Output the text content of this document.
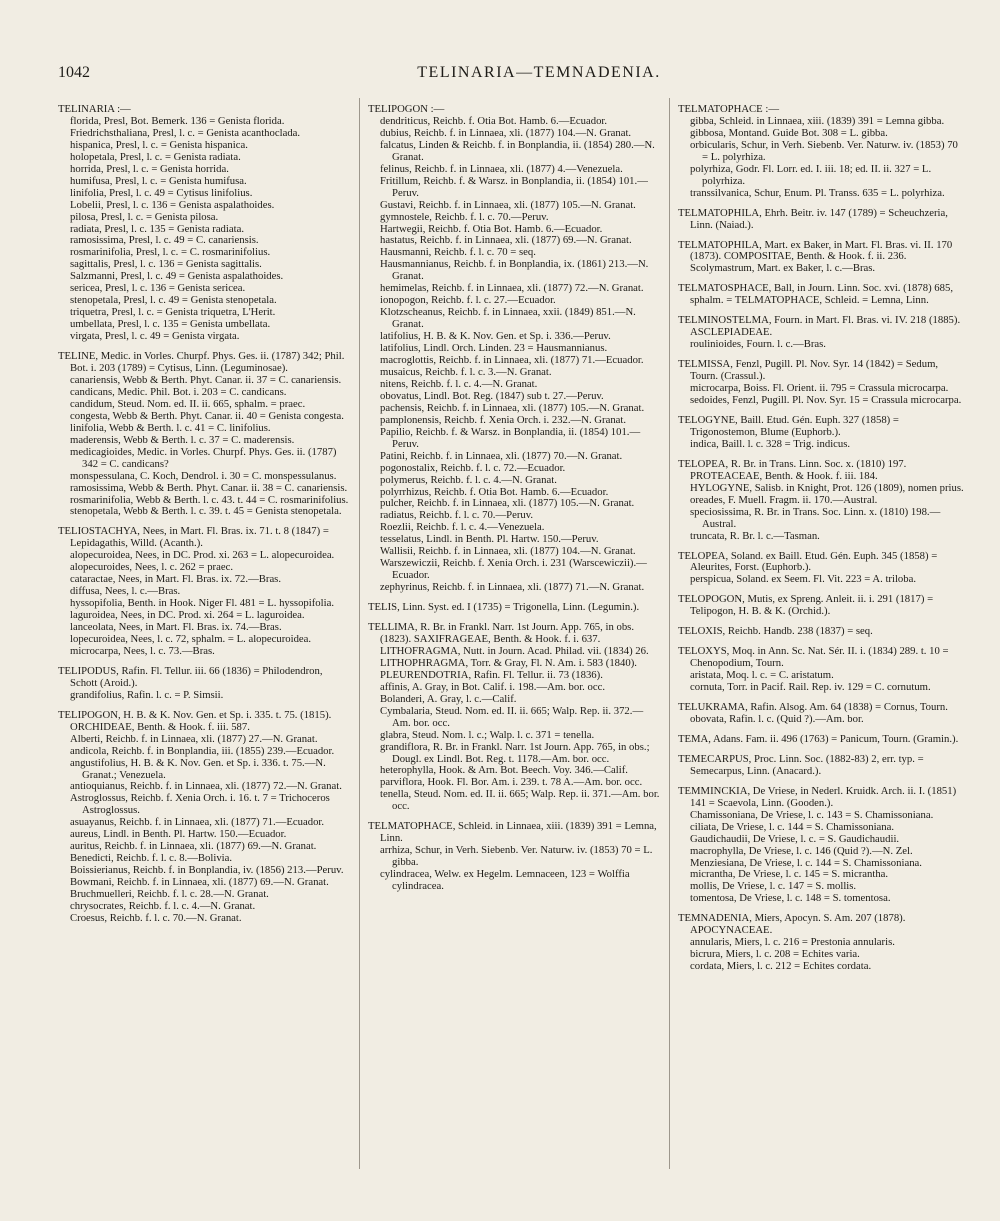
1042	TELINARIA—TEMNADENIA.
TELINARIA :—
florida, Presl, Bot. Bemerk. 136 = Genista florida.
Friedrichsthaliana, Presl, l. c. = Genista acanthoclada.
hispanica, Presl, l. c. = Genista hispanica.
holopetala, Presl, l. c. = Genista radiata.
horrida, Presl, l. c. = Genista horrida.
humifusa, Presl, l. c. = Genista humifusa.
linifolia, Presl, l. c. 49 = Cytisus linifolius.
Lobelii, Presl, l. c. 136 = Genista aspalathoides.
pilosa, Presl, l. c. = Genista pilosa.
radiata, Presl, l. c. 135 = Genista radiata.
ramosissima, Presl, l. c. 49 = C. canariensis.
rosmarinifolia, Presl, l. c. = C. rosmarinifolius.
sagittalis, Presl, l. c. 136 = Genista sagittalis.
Salzmanni, Presl, l. c. 49 = Genista aspalathoides.
sericea, Presl, l. c. 136 = Genista sericea.
stenopetala, Presl, l. c. 49 = Genista stenopetala.
triquetra, Presl, l. c. = Genista triquetra, L'Herit.
umbellata, Presl, l. c. 135 = Genista umbellata.
virgata, Presl, l. c. 49 = Genista virgata.
TELINE, Medic. in Vorles. Churpf. Phys. Ges. ii. (1787) 342; Phil. Bot. i. 203 (1789) = Cytisus, Linn. (Leguminosae).
canariensis, Webb & Berth. Phyt. Canar. ii. 37 = C. canariensis.
candicans, Medic. Phil. Bot. i. 203 = C. candicans.
candidum, Steud. Nom. ed. II. ii. 665, sphalm. = praec.
congesta, Webb & Berth. Phyt. Canar. ii. 40 = Genista congesta.
linifolia, Webb & Berth. l. c. 41 = C. linifolius.
maderensis, Webb & Berth. l. c. 37 = C. maderensis.
medicagioides, Medic. in Vorles. Churpf. Phys. Ges. ii. (1787) 342 = C. candicans?
monspessulana, C. Koch, Dendrol. i. 30 = C. monspessulanus.
ramosissima, Webb & Berth. Phyt. Canar. ii. 38 = C. canariensis.
rosmarinifolia, Webb & Berth. l. c. 43. t. 44 = C. rosmarinifolius.
stenopetala, Webb & Berth. l. c. 39. t. 45 = Genista stenopetala.
TELIOSTACHYA, Nees, in Mart. Fl. Bras. ix. 71. t. 8 (1847) = Lepidagathis, Willd. (Acanth.).
alopecuroidea, Nees, in DC. Prod. xi. 263 = L. alopecuroidea.
alopecuroides, Nees, l. c. 262 = praec.
cataractae, Nees, in Mart. Fl. Bras. ix. 72.—Bras.
diffusa, Nees, l. c.—Bras.
hyssopifolia, Benth. in Hook. Niger Fl. 481 = L. hyssopifolia.
laguroidea, Nees, in DC. Prod. xi. 264 = L. laguroidea.
lanceolata, Nees, in Mart. Fl. Bras. ix. 74.—Bras.
lopecuroidea, Nees, l. c. 72, sphalm. = L. alopecuroidea.
microcarpa, Nees, l. c. 73.—Bras.
TELIPODUS, Rafin. Fl. Tellur. iii. 66 (1836) = Philodendron, Schott (Aroid.).
grandifolius, Rafin. l. c. = P. Simsii.
TELIPOGON, H. B. & K. Nov. Gen. et Sp. i. 335. t. 75. (1815). ORCHIDEAE, Benth. & Hook. f. iii. 587.
Alberti, Reichb. f. in Linnaea, xli. (1877) 27.—N. Granat.
andicola, Reichb. f. in Bonplandia, iii. (1855) 239.—Ecuador.
angustifolius, H. B. & K. Nov. Gen. et Sp. i. 336. t. 75.—N. Granat.; Venezuela.
antioquianus, Reichb. f. in Linnaea, xli. (1877) 72.—N. Granat.
Astroglossus, Reichb. f. Xenia Orch. i. 16. t. 7 = Trichoceros Astroglossus.
asuayanus, Reichb. f. in Linnaea, xli. (1877) 71.—Ecuador.
aureus, Lindl. in Benth. Pl. Hartw. 150.—Ecuador.
auritus, Reichb. f. in Linnaea, xli. (1877) 69.—N. Granat.
Benedicti, Reichb. f. l. c. 8.—Bolivia.
Boissierianus, Reichb. f. in Bonplandia, iv. (1856) 213.—Peruv.
Bowmani, Reichb. f. in Linnaea, xli. (1877) 69.—N. Granat.
Bruchmuelleri, Reichb. f. l. c. 28.—N. Granat.
chrysocrates, Reichb. f. l. c. 4.—N. Granat.
Croesus, Reichb. f. l. c. 70.—N. Granat.
TELIPOGON :—
dendriticus, Reichb. f. Otia Bot. Hamb. 6.—Ecuador.
dubius, Reichb. f. in Linnaea, xli. (1877) 104.—N. Granat.
falcatus, Linden & Reichb. f. in Bonplandia, ii. (1854) 280.—N. Granat.
felinus, Reichb. f. in Linnaea, xli. (1877) 4.—Venezuela.
Fritillum, Reichb. f. & Warsz. in Bonplandia, ii. (1854) 101.—Peruv.
Gustavi, Reichb. f. in Linnaea, xli. (1877) 105.—N. Granat.
gymnostele, Reichb. f. l. c. 70.—Peruv.
Hartwegii, Reichb. f. Otia Bot. Hamb. 6.—Ecuador.
hastatus, Reichb. f. in Linnaea, xli. (1877) 69.—N. Granat.
Hausmanni, Reichb. f. l. c. 70 = seq.
Hausmannianus, Reichb. f. in Bonplandia, ix. (1861) 213.—N. Granat.
hemimelas, Reichb. f. in Linnaea, xli. (1877) 72.—N. Granat.
ionopogon, Reichb. f. l. c. 27.—Ecuador.
Klotzscheanus, Reichb. f. in Linnaea, xxii. (1849) 851.—N. Granat.
latifolius, H. B. & K. Nov. Gen. et Sp. i. 336.—Peruv.
latifolius, Lindl. Orch. Linden. 23 = Hausmannianus.
macroglottis, Reichb. f. in Linnaea, xli. (1877) 71.—Ecuador.
musaicus, Reichb. f. l. c. 3.—N. Granat.
nitens, Reichb. f. l. c. 4.—N. Granat.
obovatus, Lindl. Bot. Reg. (1847) sub t. 27.—Peruv.
pachensis, Reichb. f. in Linnaea, xli. (1877) 105.—N. Granat.
pamplonensis, Reichb. f. Xenia Orch. i. 232.—N. Granat.
Papilio, Reichb. f. & Warsz. in Bonplandia, ii. (1854) 101.—Peruv.
Patini, Reichb. f. in Linnaea, xli. (1877) 70.—N. Granat.
pogonostalix, Reichb. f. l. c. 72.—Ecuador.
polymerus, Reichb. f. l. c. 4.—N. Granat.
polyrrhizus, Reichb. f. Otia Bot. Hamb. 6.—Ecuador.
pulcher, Reichb. f. in Linnaea, xli. (1877) 105.—N. Granat.
radiatus, Reichb. f. l. c. 70.—Peruv.
Roezlii, Reichb. f. l. c. 4.—Venezuela.
tesselatus, Lindl. in Benth. Pl. Hartw. 150.—Peruv.
Wallisii, Reichb. f. in Linnaea, xli. (1877) 104.—N. Granat.
Warszewiczii, Reichb. f. Xenia Orch. i. 231 (Warscewiczii).—Ecuador.
zephyrinus, Reichb. f. in Linnaea, xli. (1877) 71.—N. Granat.
TELIS, Linn. Syst. ed. I (1735) = Trigonella, Linn. (Legumin.).
TELLIMA, R. Br. in Frankl. Narr. 1st Journ. App. 765, in obs. (1823). SAXIFRAGEAE, Benth. & Hook. f. i. 637.
LITHOFRAGMA, Nutt. in Journ. Acad. Philad. vii. (1834) 26.
LITHOPHRAGMA, Torr. & Gray, Fl. N. Am. i. 583 (1840).
PLEURENDOTRIA, Rafin. Fl. Tellur. ii. 73 (1836).
affinis, A. Gray, in Bot. Calif. i. 198.—Am. bor. occ.
Bolanderi, A. Gray, l. c.—Calif.
Cymbalaria, Steud. Nom. ed. II. ii. 665; Walp. Rep. ii. 372.—Am. bor. occ.
glabra, Steud. Nom. l. c.; Walp. l. c. 371 = tenella.
grandiflora, R. Br. in Frankl. Narr. 1st Journ. App. 765, in obs.; Dougl. ex Lindl. Bot. Reg. t. 1178.—Am. bor. occ.
heterophylla, Hook. & Arn. Bot. Beech. Voy. 346.—Calif.
parviflora, Hook. Fl. Bor. Am. i. 239. t. 78 A.—Am. bor. occ.
tenella, Steud. Nom. ed. II. ii. 665; Walp. Rep. ii. 371.—Am. bor. occ.
TELMATOPHACE, Schleid. in Linnaea, xiii. (1839) 391 = Lemna, Linn.
arrhiza, Schur, in Verh. Siebenb. Ver. Naturw. iv. (1853) 70 = L. gibba.
cylindracea, Welw. ex Hegelm. Lemnaceen, 123 = Wolffia cylindracea.
TELMATOPHACE :—
gibba, Schleid. in Linnaea, xiii. (1839) 391 = Lemna gibba.
gibbosa, Montand. Guide Bot. 308 = L. gibba.
orbicularis, Schur, in Verh. Siebenb. Ver. Naturw. iv. (1853) 70 = L. polyrhiza.
polyrhiza, Godr. Fl. Lorr. ed. I. iii. 18; ed. II. ii. 327 = L. polyrhiza.
transsilvanica, Schur, Enum. Pl. Transs. 635 = L. polyrhiza.
TELMATOPHILA, Ehrh. Beitr. iv. 147 (1789) = Scheuchzeria, Linn. (Naiad.).
TELMATOPHILA, Mart. ex Baker, in Mart. Fl. Bras. vi. II. 170 (1873). COMPOSITAE, Benth. & Hook. f. ii. 236.
Scolymastrum, Mart. ex Baker, l. c.—Bras.
TELMATOSPHACE, Ball, in Journ. Linn. Soc. xvi. (1878) 685, sphalm. = TELMATOPHACE, Schleid. = Lemna, Linn.
TELMINOSTELMA, Fourn. in Mart. Fl. Bras. vi. IV. 218 (1885). ASCLEPIADEAE.
roulinioides, Fourn. l. c.—Bras.
TELMISSA, Fenzl, Pugill. Pl. Nov. Syr. 14 (1842) = Sedum, Tourn. (Crassul.).
microcarpa, Boiss. Fl. Orient. ii. 795 = Crassula microcarpa.
sedoides, Fenzl, Pugill. Pl. Nov. Syr. 15 = Crassula microcarpa.
TELOGYNE, Baill. Etud. Gén. Euph. 327 (1858) = Trigonostemon, Blume (Euphorb.).
indica, Baill. l. c. 328 = Trig. indicus.
TELOPEA, R. Br. in Trans. Linn. Soc. x. (1810) 197. PROTEACEAE, Benth. & Hook. f. iii. 184.
HYLOGYNE, Salisb. in Knight, Prot. 126 (1809), nomen prius.
oreades, F. Muell. Fragm. ii. 170.—Austral.
speciosissima, R. Br. in Trans. Soc. Linn. x. (1810) 198.—Austral.
truncata, R. Br. l. c.—Tasman.
TELOPEA, Soland. ex Baill. Etud. Gén. Euph. 345 (1858) = Aleurites, Forst. (Euphorb.).
perspicua, Soland. ex Seem. Fl. Vit. 223 = A. triloba.
TELOPOGON, Mutis, ex Spreng. Anleit. ii. i. 291 (1817) = Telipogon, H. B. & K. (Orchid.).
TELOXIS, Reichb. Handb. 238 (1837) = seq.
TELOXYS, Moq. in Ann. Sc. Nat. Sér. II. i. (1834) 289. t. 10 = Chenopodium, Tourn.
aristata, Moq. l. c. = C. aristatum.
cornuta, Torr. in Pacif. Rail. Rep. iv. 129 = C. cornutum.
TELUKRAMA, Rafin. Alsog. Am. 64 (1838) = Cornus, Tourn.
obovata, Rafin. l. c. (Quid ?).—Am. bor.
TEMA, Adans. Fam. ii. 496 (1763) = Panicum, Tourn. (Gramin.).
TEMECARPUS, Proc. Linn. Soc. (1882-83) 2, err. typ. = Semecarpus, Linn. (Anacard.).
TEMMINCKIA, De Vriese, in Nederl. Kruidk. Arch. ii. I. (1851) 141 = Scaevola, Linn. (Gooden.).
Chamissoniana, De Vriese, l. c. 143 = S. Chamissoniana.
ciliata, De Vriese, l. c. 144 = S. Chamissoniana.
Gaudichaudii, De Vriese, l. c. = S. Gaudichaudii.
macrophylla, De Vriese, l. c. 146 (Quid ?).—N. Zel.
Menziesiana, De Vriese, l. c. 144 = S. Chamissoniana.
micrantha, De Vriese, l. c. 145 = S. micrantha.
mollis, De Vriese, l. c. 147 = S. mollis.
tomentosa, De Vriese, l. c. 148 = S. tomentosa.
TEMNADENIA, Miers, Apocyn. S. Am. 207 (1878). APOCYNACEAE.
annularis, Miers, l. c. 216 = Prestonia annularis.
bicrura, Miers, l. c. 208 = Echites varia.
cordata, Miers, l. c. 212 = Echites cordata.
